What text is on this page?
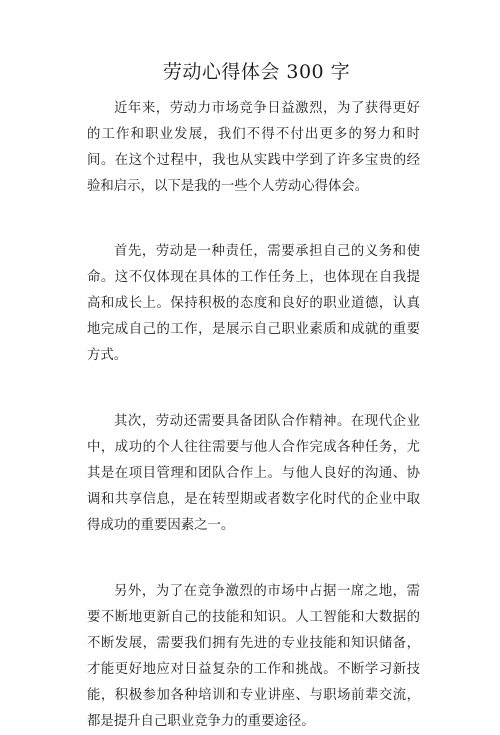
劳动心得体会 300 字

近年来，劳动力市场竞争日益激烈，为了获得更好的工作和职业发展，我们不得不付出更多的努力和时间。在这个过程中，我也从实践中学到了许多宝贵的经验和启示，以下是我的一些个人劳动心得体会。

首先，劳动是一种责任，需要承担自己的义务和使命。这不仅体现在具体的工作任务上，也体现在自我提高和成长上。保持积极的态度和良好的职业道德，认真地完成自己的工作，是展示自己职业素质和成就的重要方式。

其次，劳动还需要具备团队合作精神。在现代企业中，成功的个人往往需要与他人合作完成各种任务，尤其是在项目管理和团队合作上。与他人良好的沟通、协调和共享信息，是在转型期或者数字化时代的企业中取得成功的重要因素之一。

另外，为了在竞争激烈的市场中占据一席之地，需要不断地更新自己的技能和知识。人工智能和大数据的不断发展，需要我们拥有先进的专业技能和知识储备，才能更好地应对日益复杂的工作和挑战。不断学习新技能，积极参加各种培训和专业讲座、与职场前辈交流，都是提升自己职业竞争力的重要途径。
